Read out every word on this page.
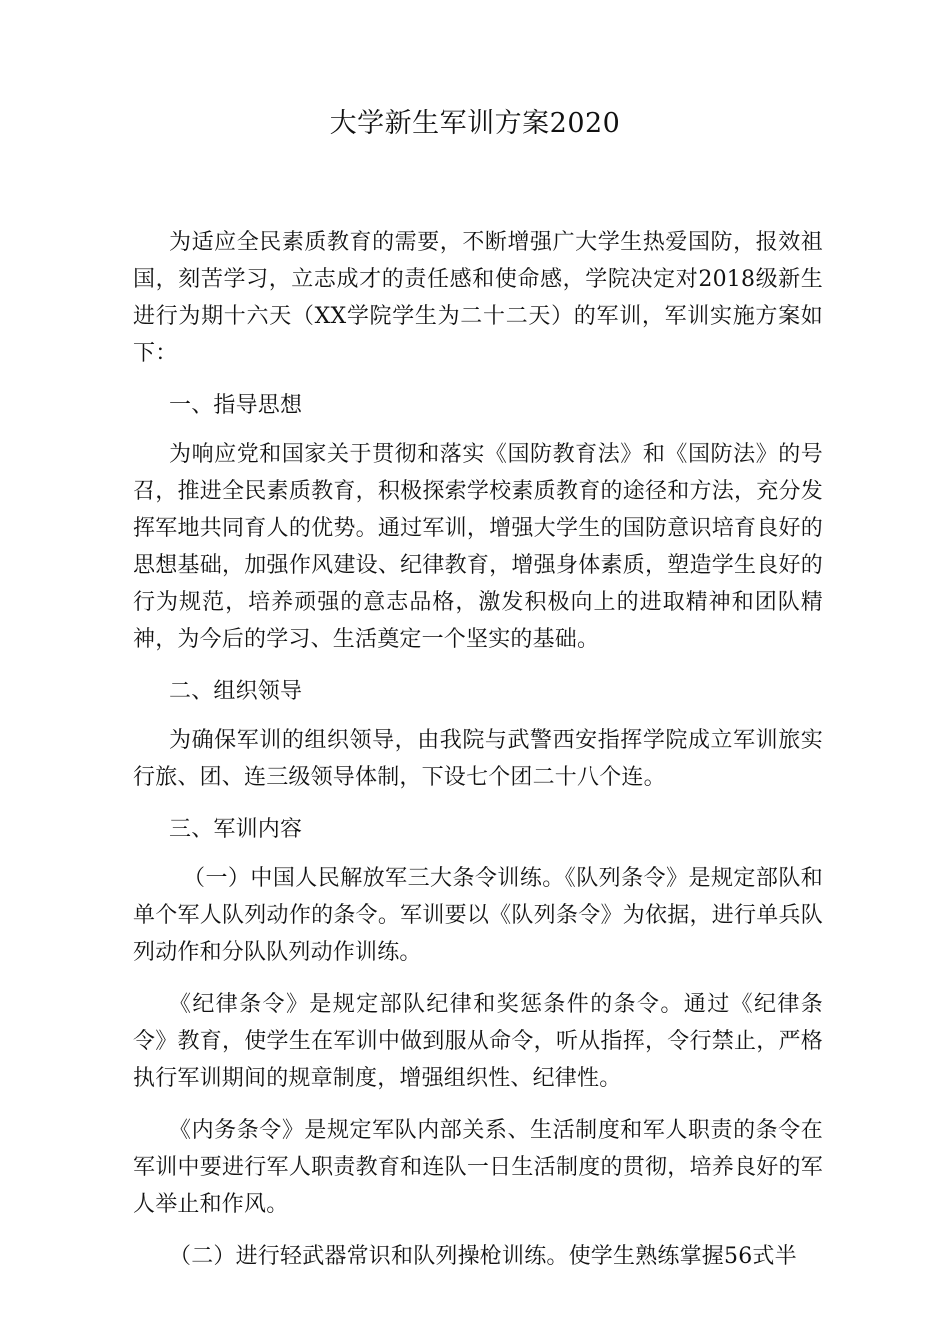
大学新生军训方案2020

为适应全民素质教育的需要，不断增强广大学生热爱国防，报效祖国，刻苦学习，立志成才的责任感和使命感，学院决定对2018级新生进行为期十六天（XX学院学生为二十二天）的军训，军训实施方案如下：

一、指导思想

为响应党和国家关于贯彻和落实《国防教育法》和《国防法》的号召，推进全民素质教育，积极探索学校素质教育的途径和方法，充分发挥军地共同育人的优势。通过军训，增强大学生的国防意识培育良好的思想基础，加强作风建设、纪律教育，增强身体素质，塑造学生良好的行为规范，培养顽强的意志品格，激发积极向上的进取精神和团队精神，为今后的学习、生活奠定一个坚实的基础。

二、组织领导

为确保军训的组织领导，由我院与武警西安指挥学院成立军训旅实行旅、团、连三级领导体制，下设七个团二十八个连。

三、军训内容

（一）中国人民解放军三大条令训练。《队列条令》是规定部队和单个军人队列动作的条令。军训要以《队列条令》为依据，进行单兵队列动作和分队队列动作训练。

《纪律条令》是规定部队纪律和奖惩条件的条令。通过《纪律条令》教育，使学生在军训中做到服从命令，听从指挥，令行禁止，严格执行军训期间的规章制度，增强组织性、纪律性。

《内务条令》是规定军队内部关系、生活制度和军人职责的条令在军训中要进行军人职责教育和连队一日生活制度的贯彻，培养良好的军人举止和作风。

（二）进行轻武器常识和队列操枪训练。使学生熟练掌握56式半
